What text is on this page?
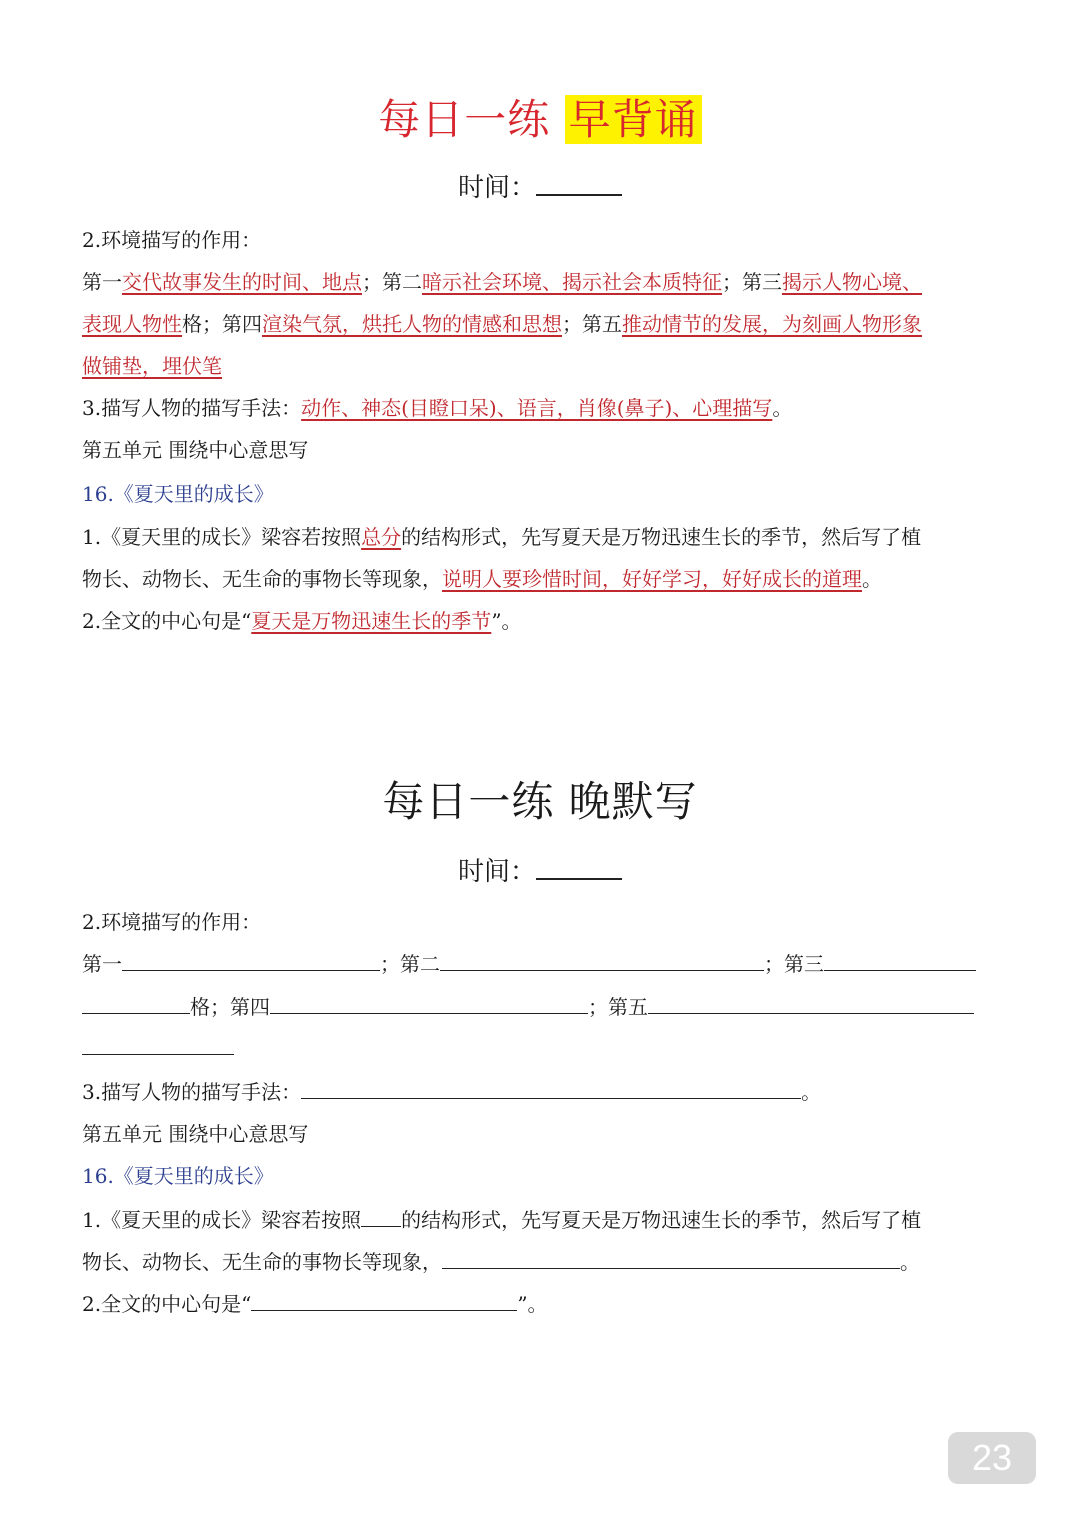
每日一练 早背诵
时间：
2.环境描写的作用：
第一交代故事发生的时间、地点；第二暗示社会环境、揭示社会本质特征；第三揭示人物心境、
表现人物性格；第四渲染气氛，烘托人物的情感和思想；第五推动情节的发展，为刻画人物形象
做铺垫，埋伏笔
3.描写人物的描写手法：动作、神态(目瞪口呆)、语言，肖像(鼻子)、心理描写。
第五单元 围绕中心意思写
16.《夏天里的成长》
1.《夏天里的成长》梁容若按照总分的结构形式，先写夏天是万物迅速生长的季节，然后写了植
物长、动物长、无生命的事物长等现象，说明人要珍惜时间，好好学习，好好成长的道理。
2.全文的中心句是“夏天是万物迅速生长的季节”。
每日一练 晚默写
时间：
2.环境描写的作用：
第一	；第二	；第三
格；第四	；第五
3.描写人物的描写手法：	。
第五单元 围绕中心意思写
16.《夏天里的成长》
1.《夏天里的成长》梁容若按照 的结构形式，先写夏天是万物迅速生长的季节，然后写了植
物长、动物长、无生命的事物长等现象，	。
2.全文的中心句是“	”。
23
